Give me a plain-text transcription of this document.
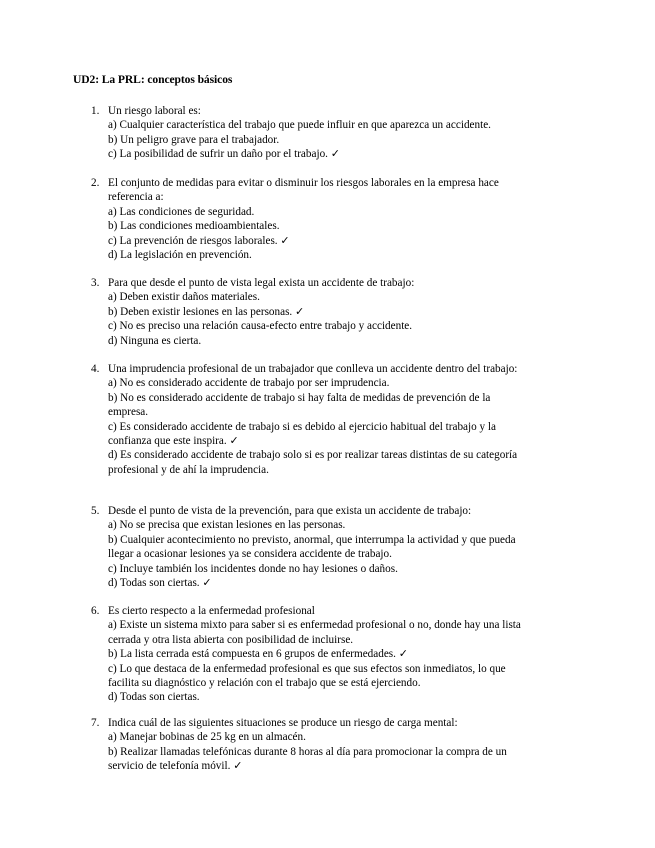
UD2: La PRL: conceptos básicos
1. Un riesgo laboral es:
a) Cualquier característica del trabajo que puede influir en que aparezca un accidente.
b) Un peligro grave para el trabajador.
c) La posibilidad de sufrir un daño por el trabajo. ✓
2. El conjunto de medidas para evitar o disminuir los riesgos laborales en la empresa hace referencia a:
a) Las condiciones de seguridad.
b) Las condiciones medioambientales.
c) La prevención de riesgos laborales. ✓
d) La legislación en prevención.
3. Para que desde el punto de vista legal exista un accidente de trabajo:
a) Deben existir daños materiales.
b) Deben existir lesiones en las personas. ✓
c) No es preciso una relación causa-efecto entre trabajo y accidente.
d) Ninguna es cierta.
4. Una imprudencia profesional de un trabajador que conlleva un accidente dentro del trabajo:
a) No es considerado accidente de trabajo por ser imprudencia.
b) No es considerado accidente de trabajo si hay falta de medidas de prevención de la empresa.
c) Es considerado accidente de trabajo si es debido al ejercicio habitual del trabajo y la confianza que este inspira. ✓
d) Es considerado accidente de trabajo solo si es por realizar tareas distintas de su categoría profesional y de ahí la imprudencia.
5. Desde el punto de vista de la prevención, para que exista un accidente de trabajo:
a) No se precisa que existan lesiones en las personas.
b) Cualquier acontecimiento no previsto, anormal, que interrumpa la actividad y que pueda llegar a ocasionar lesiones ya se considera accidente de trabajo.
c) Incluye también los incidentes donde no hay lesiones o daños.
d) Todas son ciertas. ✓
6. Es cierto respecto a la enfermedad profesional
a) Existe un sistema mixto para saber si es enfermedad profesional o no, donde hay una lista cerrada y otra lista abierta con posibilidad de incluirse.
b) La lista cerrada está compuesta en 6 grupos de enfermedades. ✓
c) Lo que destaca de la enfermedad profesional es que sus efectos son inmediatos, lo que facilita su diagnóstico y relación con el trabajo que se está ejerciendo.
d) Todas son ciertas.
7. Indica cuál de las siguientes situaciones se produce un riesgo de carga mental:
a) Manejar bobinas de 25 kg en un almacén.
b) Realizar llamadas telefónicas durante 8 horas al día para promocionar la compra de un servicio de telefonía móvil. ✓
